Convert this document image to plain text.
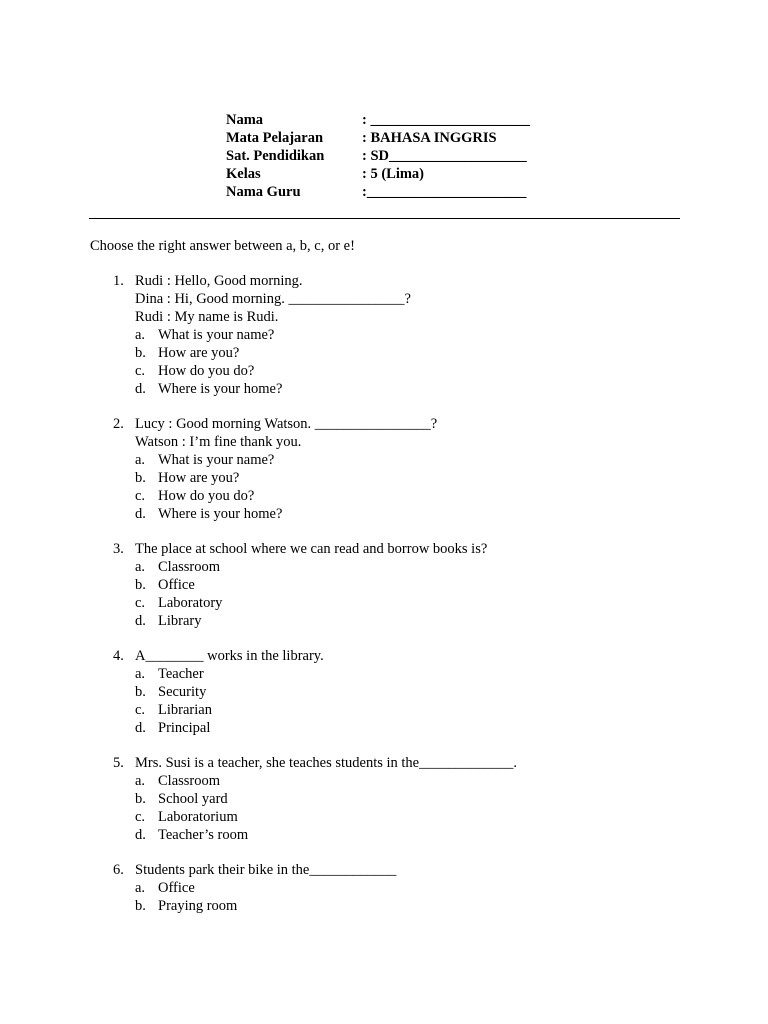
Nama	: ______________________
Mata Pelajaran	: BAHASA INGGRIS
Sat. Pendidikan	: SD___________________
Kelas	: 5 (Lima)
Nama Guru	:______________________
Choose the right answer between a, b, c, or e!
1. Rudi : Hello, Good morning.
Dina : Hi, Good morning. ________________?
Rudi : My name is Rudi.
a. What is your name?
b. How are you?
c. How do you do?
d. Where is your home?
2. Lucy : Good morning Watson. ________________?
Watson : I’m fine thank you.
a. What is your name?
b. How are you?
c. How do you do?
d. Where is your home?
3. The place at school where we can read and borrow books is?
a. Classroom
b. Office
c. Laboratory
d. Library
4. A________ works in the library.
a. Teacher
b. Security
c. Librarian
d. Principal
5. Mrs. Susi is a teacher, she teaches students in the_____________.
a. Classroom
b. School yard
c. Laboratorium
d. Teacher’s room
6. Students park their bike in the____________
a. Office
b. Praying room
